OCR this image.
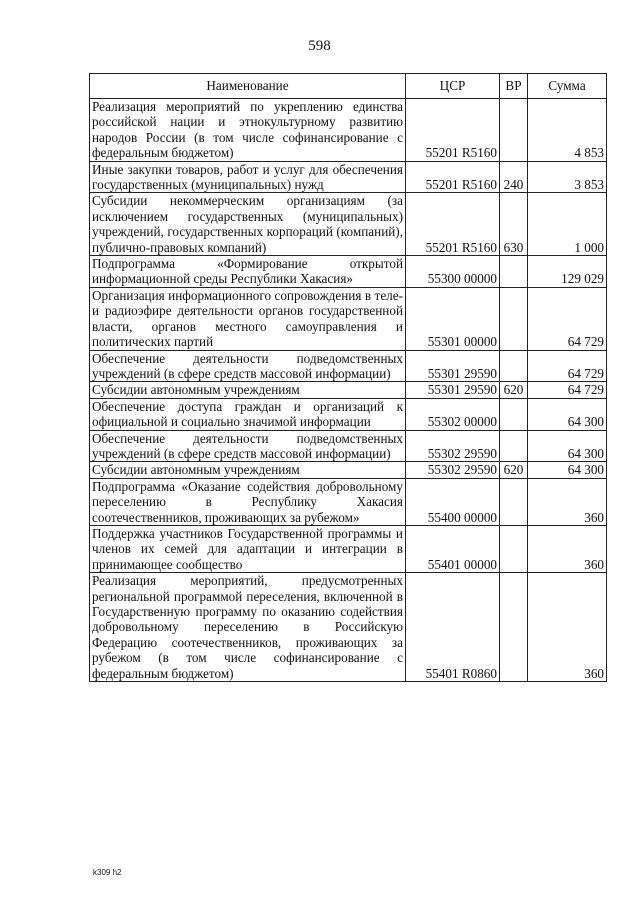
598
Наименование	ЦСР	ВР	Сумма
Реализация мероприятий по укреплению единства российской нации и этнокультурному развитию народов России (в том числе софинансирование с федеральным бюджетом)	55201 R5160		4 853
Иные закупки товаров, работ и услуг для обеспечения государственных (муниципальных) нужд	55201 R5160	240	3 853
Субсидии некоммерческим организациям (за исключением государственных (муниципальных) учреждений, государственных корпораций (компаний), публично-правовых компаний)	55201 R5160	630	1 000
Подпрограмма «Формирование открытой информационной среды Республики Хакасия»	55300 00000		129 029
Организация информационного сопровождения в теле- и радиоэфире деятельности органов государственной власти, органов местного самоуправления и политических партий	55301 00000		64 729
Обеспечение деятельности подведомственных учреждений (в сфере средств массовой информации)	55301 29590		64 729
Субсидии автономным учреждениям	55301 29590	620	64 729
Обеспечение доступа граждан и организаций к официальной и социально значимой информации	55302 00000		64 300
Обеспечение деятельности подведомственных учреждений (в сфере средств массовой информации)	55302 29590		64 300
Субсидии автономным учреждениям	55302 29590	620	64 300
Подпрограмма «Оказание содействия добровольному переселению в Республику Хакасия соотечественников, проживающих за рубежом»	55400 00000		360
Поддержка участников Государственной программы и членов их семей для адаптации и интеграции в принимающее сообщество	55401 00000		360
Реализация мероприятий, предусмотренных региональной программой переселения, включенной в Государственную программу по оказанию содействия добровольному переселению в Российскую Федерацию соотечественников, проживающих за рубежом (в том числе софинансирование с федеральным бюджетом)	55401 R0860		360
k309 h2
